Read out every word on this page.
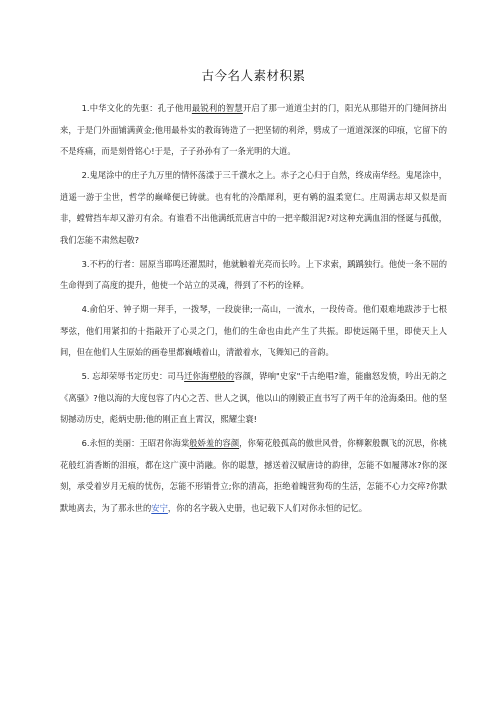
古今名人素材积累

1.中华文化的先驱：孔子他用最锐利的智慧开启了那一道道尘封的门，阳光从那错开的门缝间挤出来，于是门外面铺满黄金;他用最朴实的教诲铸造了一把坚韧的利斧，劈成了一道道深深的印痕，它留下的不是疼痛，而是刻骨铭心!于是，子子孙孙有了一条光明的大道。

2.鬼尾涂中的庄子九万里的情怀荡漾于三千濮水之上。赤子之心归于自然，终成南华经。鬼尾涂中，逍遥一游于尘世，哲学的巅峰便已铸就。也有牝的冷酷犀利，更有鹓的温柔宽仁。庄周满志却又似是而非，螳臂挡车却又游刃有余。有谁看不出他满纸荒唐言中的一把辛酸泪泥?对这种充满血泪的怪诞与孤傲，我们怎能不肃然起敬?

3.不朽的行者：屈原当耶鸣还濯黑时，他就触着光亮而长吟。上下求索，踽踽独行。他使一条不屈的生命得到了高度的提升，他使一个站立的灵魂，得到了不朽的诠释。

4.俞伯牙、钟子期一拜手，一拨琴，一段旋律;一高山，一流水，一段传奇。他们艰难地跋涉于七根琴弦，他们用紧扣的十指敲开了心灵之门，他们的生命也由此产生了共振。即使远隔千里，即使天上人间，但在他们人生原始的画卷里都巍峨着山，清澈着水，飞舞知己的音韵。

5. 忘却荣辱书定历史：司马迁你海塑般的容颜，铧响"史家"千古绝唱?谁，能幽怒发愤，吟出无韵之《离骚》?他以海的大度包容了内心之苦、世人之讽，他以山的刚毅正直书写了两千年的沧海桑田。他的坚韧撼动历史，彪炳史册;他的刚正直上霄汉，熙耀尘寰!

6.永恒的美丽：王昭君你海棠般娇羞的容颜，你菊花般孤高的傲世风骨，你柳絮般飘飞的沉思，你桃花般红消香断的泪痕，都在这广漠中消融。你的聪慧，撼送着汉赋唐诗的韵律，怎能不如履薄冰?你的深刻，承受着岁月无痕的忧伤，怎能不形销骨立;你的清高，拒绝着魄营狗苟的生活，怎能不心力交瘁?你默默地离去，为了那永世的安宁，你的名字载入史册，也记载下人们对你永恒的记忆。
